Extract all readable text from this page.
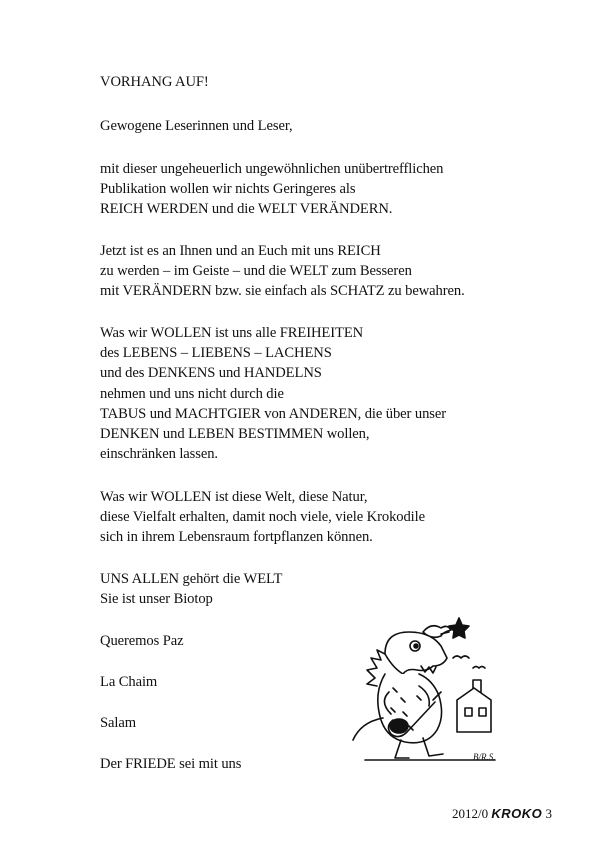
VORHANG AUF!

Gewogene Leserinnen und Leser,

mit dieser ungeheuerlich ungewöhnlichen unübertrefflichen

Publikation wollen wir nichts Geringeres als

REICH WERDEN und die WELT VERÄNDERN.

Jetzt ist es an Ihnen und an Euch mit uns REICH

zu werden – im Geiste – und die WELT zum Besseren

mit VERÄNDERN bzw. sie einfach als SCHATZ zu bewahren.

Was wir WOLLEN ist uns alle FREIHEITEN

des LEBENS – LIEBENS – LACHENS

und des DENKENS und HANDELNS

nehmen und uns nicht durch die

TABUS und MACHTGIER von ANDEREN, die über unser

DENKEN und LEBEN BESTIMMEN wollen,

einschränken lassen.

Was wir WOLLEN ist diese Welt, diese Natur,

diese Vielfalt erhalten, damit noch viele, viele Krokodile

sich in ihrem Lebensraum fortpflanzen können.

UNS ALLEN gehört die WELT

Sie ist unser Biotop

Queremos Paz

La Chaim

Salam

Der FRIEDE sei mit uns	B/R.S.
2012/0 KROKO 3
